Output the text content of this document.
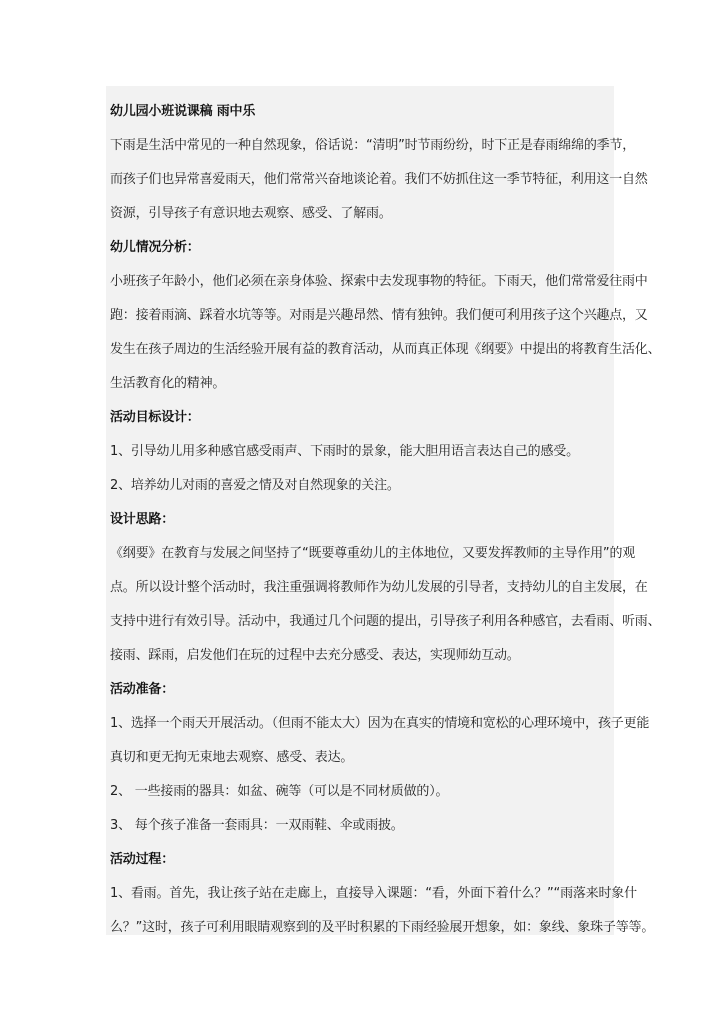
幼儿园小班说课稿 雨中乐
下雨是生活中常见的一种自然现象，俗话说：“清明”时节雨纷纷，时下正是春雨绵绵的季节，
而孩子们也异常喜爱雨天，他们常常兴奋地谈论着。我们不妨抓住这一季节特征，利用这一自然
资源，引导孩子有意识地去观察、感受、了解雨。
幼儿情况分析：
小班孩子年龄小，他们必须在亲身体验、探索中去发现事物的特征。下雨天，他们常常爱往雨中
跑：接着雨滴、踩着水坑等等。对雨是兴趣昂然、情有独钟。我们便可利用孩子这个兴趣点，又
发生在孩子周边的生活经验开展有益的教育活动，从而真正体现《纲要》中提出的将教育生活化、
生活教育化的精神。
活动目标设计：
1、引导幼儿用多种感官感受雨声、下雨时的景象，能大胆用语言表达自己的感受。
2、培养幼儿对雨的喜爱之情及对自然现象的关注。
设计思路：
《纲要》在教育与发展之间坚持了“既要尊重幼儿的主体地位，又要发挥教师的主导作用”的观
点。所以设计整个活动时，我注重强调将教师作为幼儿发展的引导者，支持幼儿的自主发展，在
支持中进行有效引导。活动中，我通过几个问题的提出，引导孩子利用各种感官，去看雨、听雨、
接雨、踩雨，启发他们在玩的过程中去充分感受、表达，实现师幼互动。
活动准备：
1、选择一个雨天开展活动。（但雨不能太大）因为在真实的情境和宽松的心理环境中，孩子更能
真切和更无拘无束地去观察、感受、表达。
2、 一些接雨的器具：如盆、碗等（可以是不同材质做的）。
3、 每个孩子准备一套雨具：一双雨鞋、伞或雨披。
活动过程：
1、看雨。首先，我让孩子站在走廊上，直接导入课题：“看，外面下着什么？”“雨落来时象什
么？”这时，孩子可利用眼睛观察到的及平时积累的下雨经验展开想象，如：象线、象珠子等等。
